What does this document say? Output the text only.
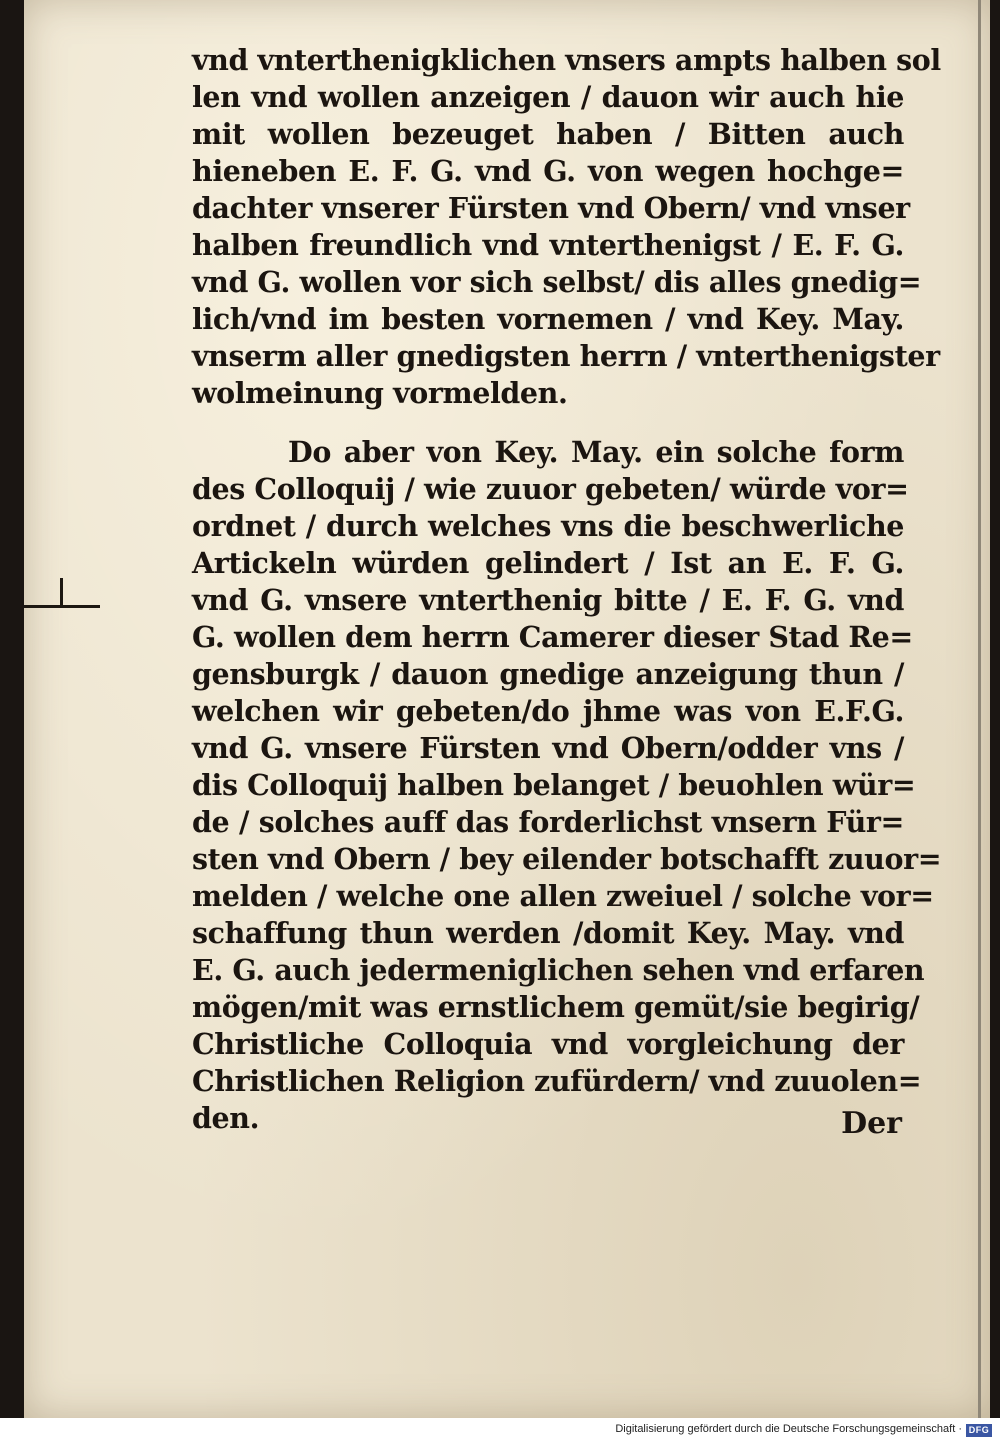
vnd vnterthenigklichen vnsers ampts halben sol
len vnd wollen anzeigen / dauon wir auch hie
mit wollen bezeuget haben / Bitten auch
hieneben E. F. G. vnd G. von wegen hochge=
dachter vnserer Fürsten vnd Obern/ vnd vnser
halben freundlich vnd vnterthenigst / E. F. G.
vnd G. wollen vor sich selbst/ dis alles gnedig=
lich/vnd im besten vornemen / vnd Key. May.
vnserm aller gnedigsten herrn / vnterthenigster
wolmeinung vormelden.
Do aber von Key. May. ein solche form
des Colloquij / wie zuuor gebeten/ würde vor=
ordnet / durch welches vns die beschwerliche
Artickeln würden gelindert / Ist an E. F. G.
vnd G. vnsere vnterthenig bitte / E. F. G. vnd
G. wollen dem herrn Camerer dieser Stad Re=
gensburgk / dauon gnedige anzeigung thun /
welchen wir gebeten/do jhme was von E.F.G.
vnd G. vnsere Fürsten vnd Obern/odder vns /
dis Colloquij halben belanget / beuohlen wür=
de / solches auff das forderlichst vnsern Für=
sten vnd Obern / bey eilender botschafft zuuor=
melden / welche one allen zweiuel / solche vor=
schaffung thun werden /domit Key. May. vnd
E. G. auch jedermeniglichen sehen vnd erfaren
mögen/mit was ernstlichem gemüt/sie begirig/
Christliche Colloquia vnd vorgleichung der
Christlichen Religion zufürdern/ vnd zuuolen=
den.	Der
Digitalisierung gefördert durch die Deutsche Forschungsgemeinschaft · DFG
